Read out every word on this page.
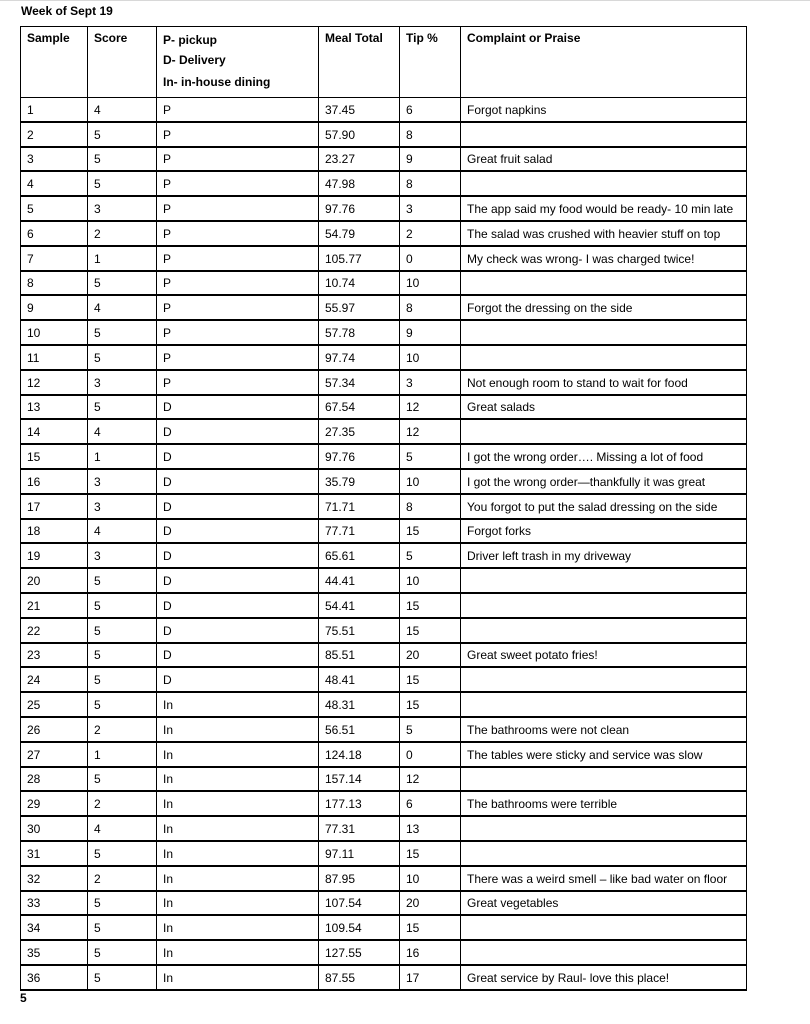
Week of Sept 19
Sample	Score	P- pickup
D- Delivery
In- in-house dining	Meal Total	Tip %	Complaint or Praise
1	4	P	37.45	6	Forgot napkins
2	5	P	57.90	8	
3	5	P	23.27	9	Great fruit salad
4	5	P	47.98	8	
5	3	P	97.76	3	The app said my food would be ready- 10 min late
6	2	P	54.79	2	The salad was crushed with heavier stuff on top
7	1	P	105.77	0	My check was wrong- I was charged twice!
8	5	P	10.74	10	
9	4	P	55.97	8	Forgot the dressing on the side
10	5	P	57.78	9	
11	5	P	97.74	10	
12	3	P	57.34	3	Not enough room to stand to wait for food
13	5	D	67.54	12	Great salads
14	4	D	27.35	12	
15	1	D	97.76	5	I got the wrong order…. Missing a lot of food
16	3	D	35.79	10	I got the wrong order—thankfully it was great
17	3	D	71.71	8	You forgot to put the salad dressing on the side
18	4	D	77.71	15	Forgot forks
19	3	D	65.61	5	Driver left trash in my driveway
20	5	D	44.41	10	
21	5	D	54.41	15	
22	5	D	75.51	15	
23	5	D	85.51	20	Great sweet potato fries!
24	5	D	48.41	15	
25	5	In	48.31	15	
26	2	In	56.51	5	The bathrooms were not clean
27	1	In	124.18	0	The tables were sticky and service was slow
28	5	In	157.14	12	
29	2	In	177.13	6	The bathrooms were terrible
30	4	In	77.31	13	
31	5	In	97.11	15	
32	2	In	87.95	10	There was a weird smell – like bad water on floor
33	5	In	107.54	20	Great vegetables
34	5	In	109.54	15	
35	5	In	127.55	16	
36	5	In	87.55	17	Great service by Raul- love this place!
5
